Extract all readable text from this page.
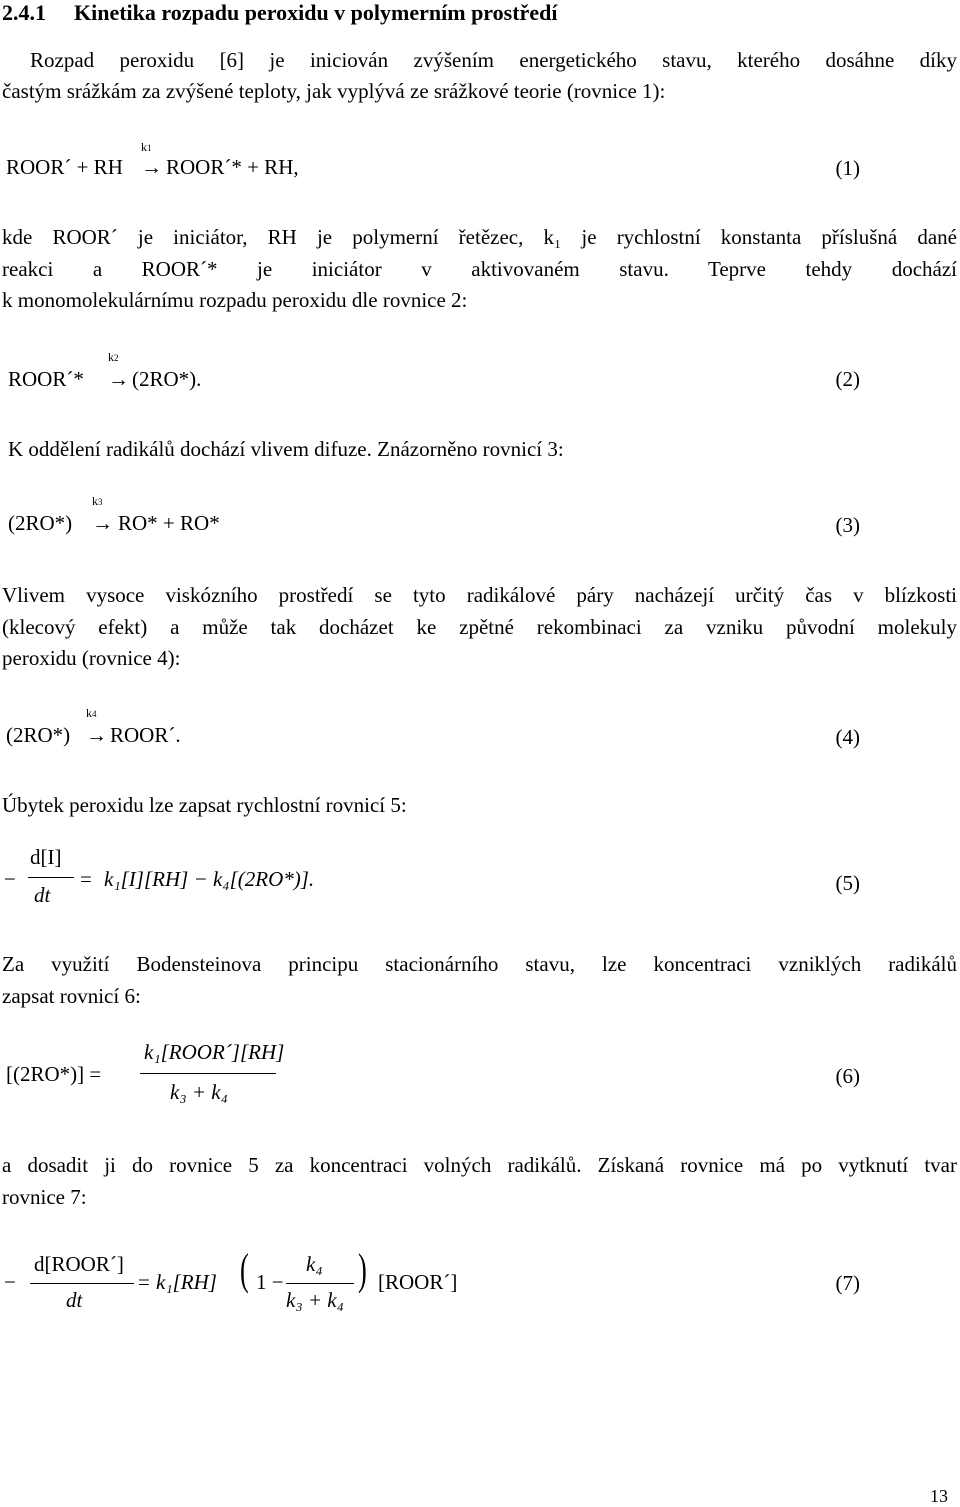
2.4.1 Kinetika rozpadu peroxidu v polymerním prostředí
Rozpad peroxidu [6] je iniciován zvýšením energetického stavu, kterého dosáhne díky
častým srážkám za zvýšené teploty, jak vyplývá ze srážkové teorie (rovnice 1):
k1
ROOR´ + RH → ROOR´* + RH,	(1)
kde ROOR´ je iniciátor, RH je polymerní řetězec, k₁ je rychlostní konstanta příslušná dané
reakci a ROOR´* je iniciátor v aktivovaném stavu. Teprve tehdy dochází
k monomolekulárnímu rozpadu peroxidu dle rovnice 2:
k2
ROOR´* → (2RO*).	(2)
K oddělení radikálů dochází vlivem difuze. Znázorněno rovnicí 3:
k3
(2RO*) → RO* + RO*	(3)
Vlivem vysoce viskózního prostředí se tyto radikálové páry nacházejí určitý čas v blízkosti
(klecový efekt) a může tak docházet ke zpětné rekombinaci za vzniku původní molekuly
peroxidu (rovnice 4):
k4
(2RO*) → ROOR´.	(4)
Úbytek peroxidu lze zapsat rychlostní rovnicí 5:
−
d[I]
dt
= k₁[I][RH] − k₄[(2RO*)].	(5)
Za využití Bodensteinova principu stacionárního stavu, lze koncentraci vzniklých radikálů
zapsat rovnicí 6:
[(2RO*)] =
k₁[ROOR´][RH]
k₃ + k₄
(6)
a dosadit ji do rovnice 5 za koncentraci volných radikálů. Získaná rovnice má po vytknutí tvar
rovnice 7:
−
d[ROOR´]
dt
= k₁[RH] ( 1 −
k₄
k₃ + k₄
) [ROOR´]	(7)
13
